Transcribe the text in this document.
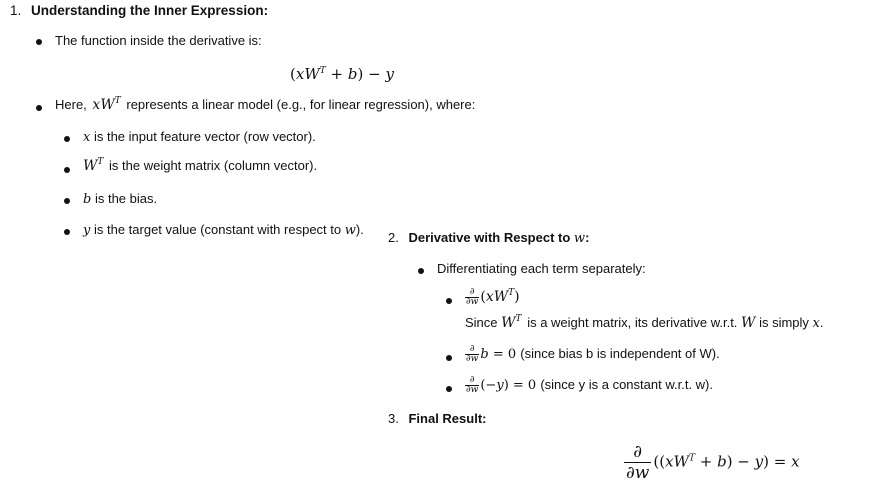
1. Understanding the Inner Expression:
The function inside the derivative is:
$(xW^T + b) - y$
Here, $xW^T$ represents a linear model (e.g., for linear regression), where:
x is the input feature vector (row vector).
$W^T$ is the weight matrix (column vector).
b is the bias.
y is the target value (constant with respect to w).
2. Derivative with Respect to w:
Differentiating each term separately:
$\frac{\partial}{\partial w} (xW^T)$
Since $W^T$ is a weight matrix, its derivative w.r.t. W is simply x.
$\frac{\partial}{\partial w}$ b = 0 (since bias b is independent of W).
$\frac{\partial}{\partial w} (-y) = 0$ (since y is a constant w.r.t. w).
3. Final Result:
$\frac{\partial}{\partial w} ((xW^T + b) - y) = x$
